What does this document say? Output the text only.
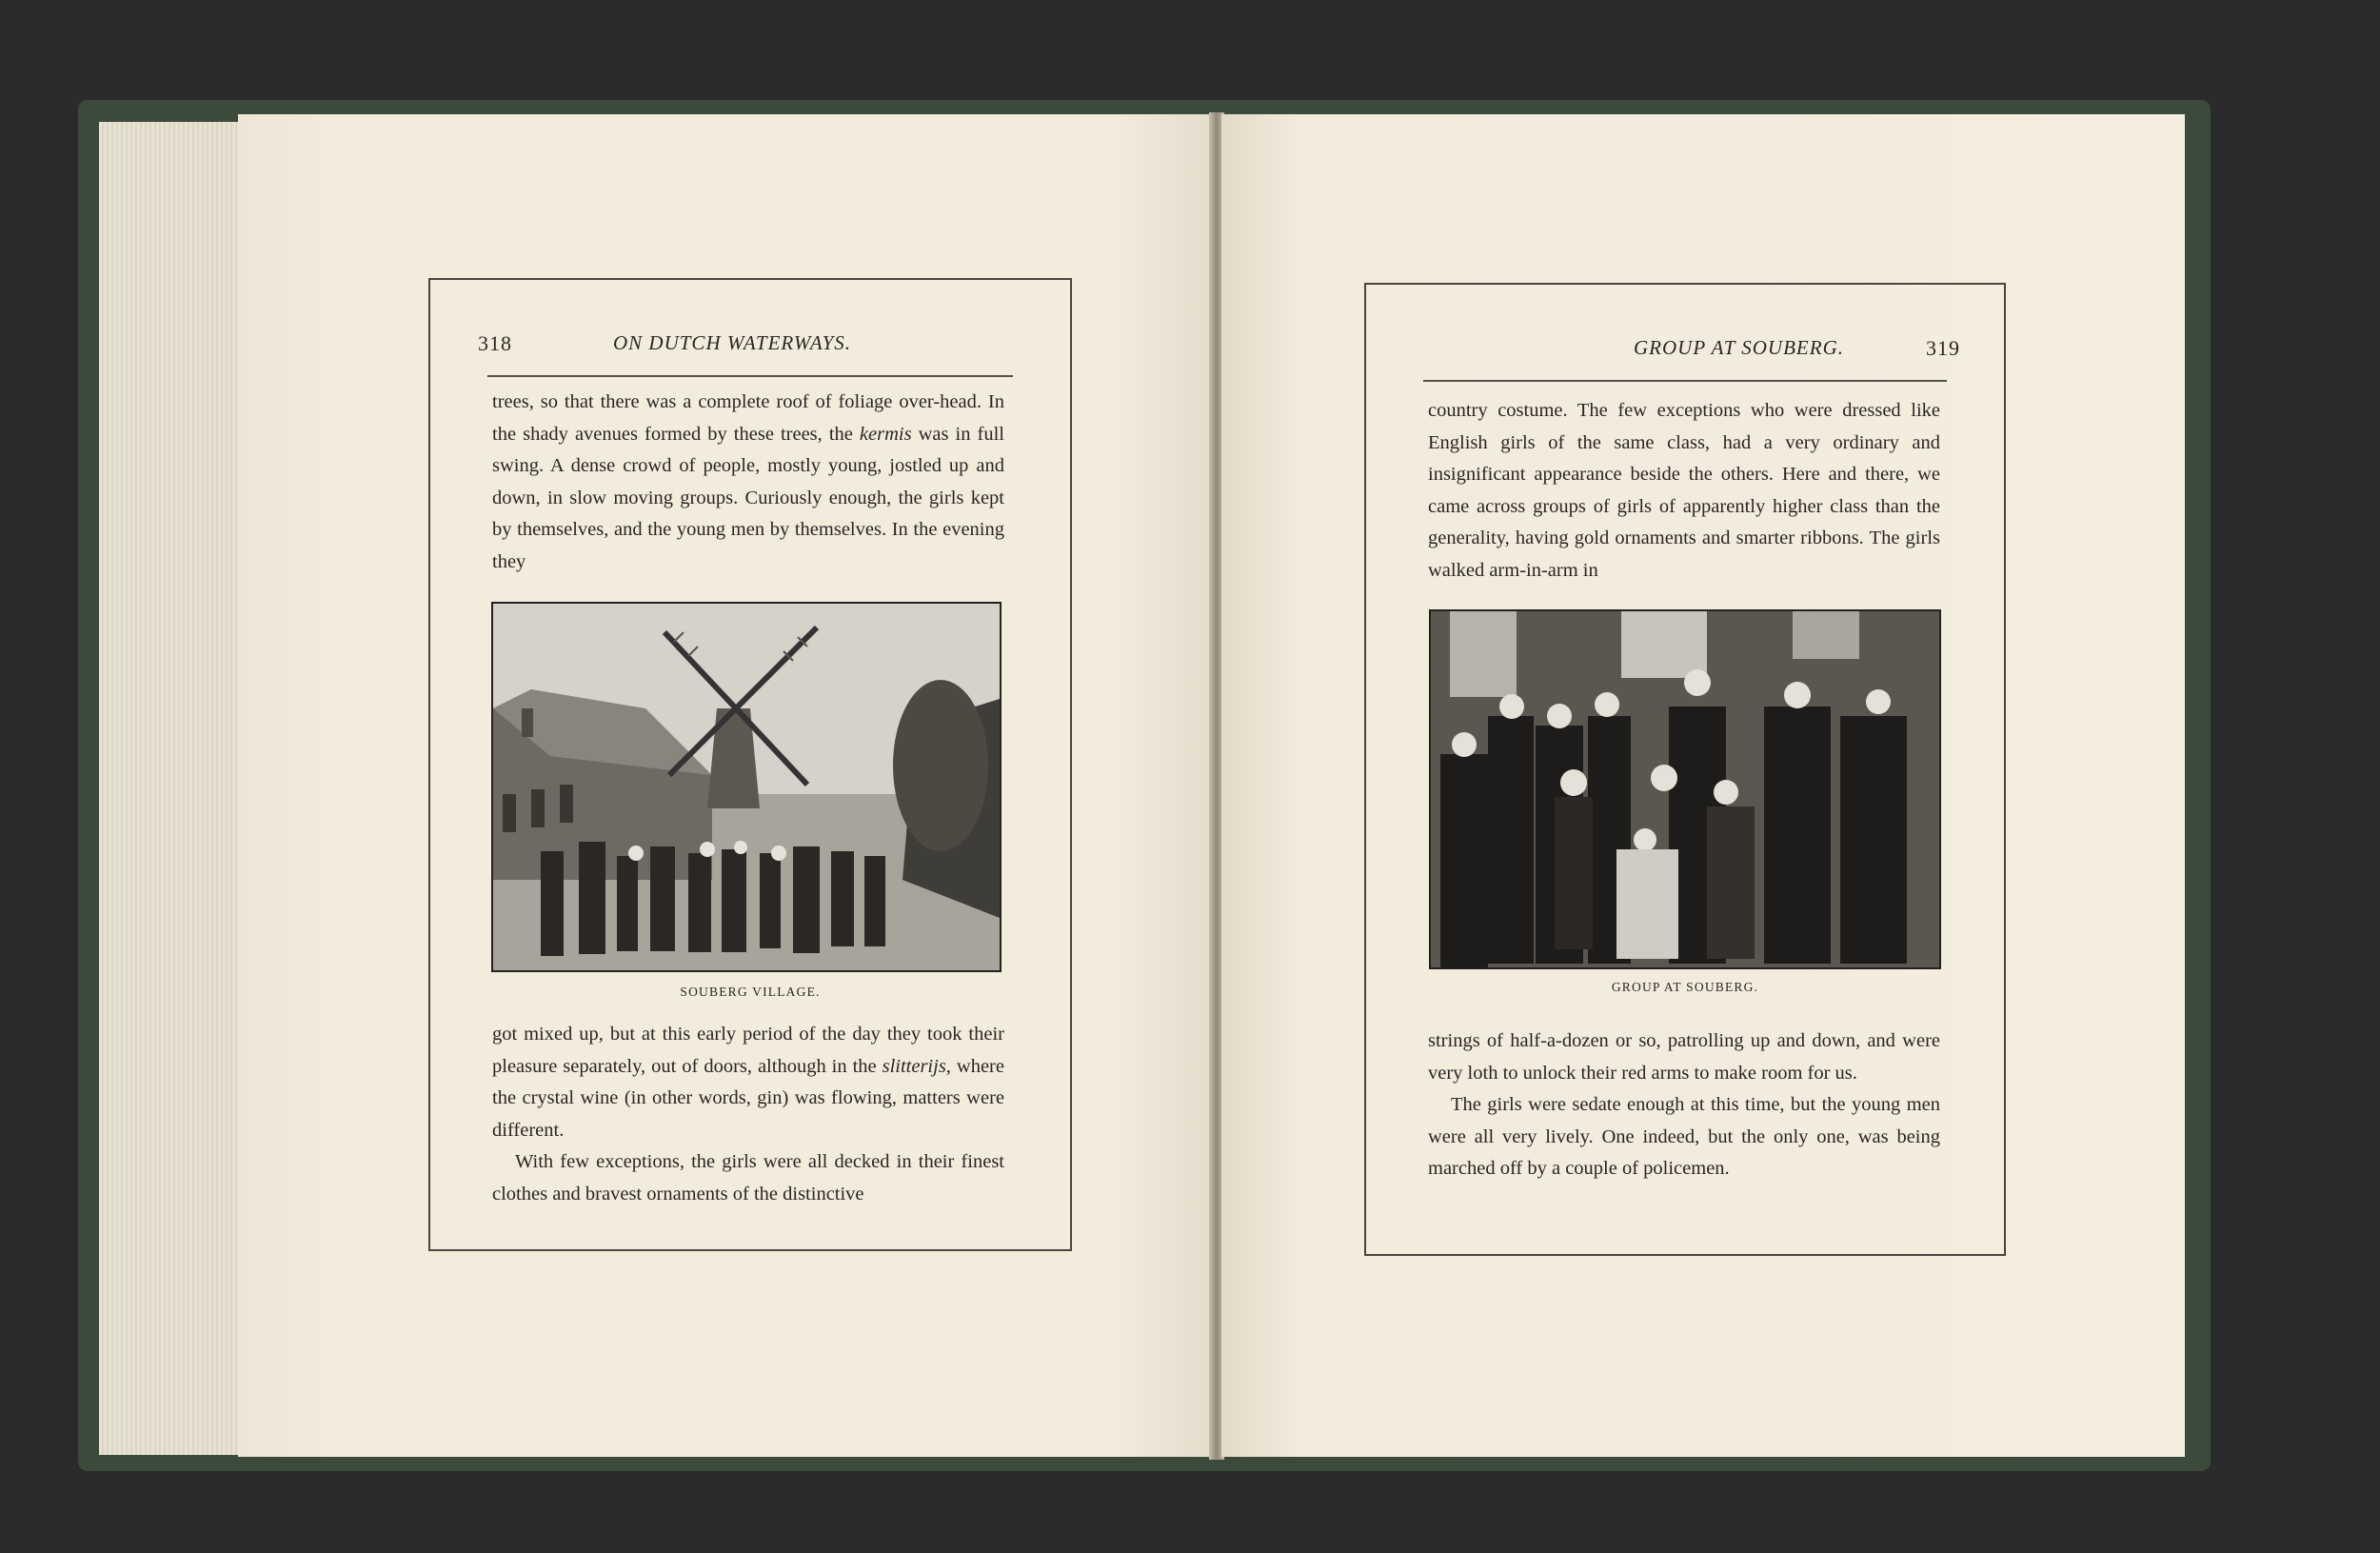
318	ON DUTCH WATERWAYS.

trees, so that there was a complete roof of foliage over-head. In the shady avenues formed by these trees, the kermis was in full swing. A dense crowd of people, mostly young, jostled up and down, in slow moving groups. Curiously enough, the girls kept by themselves, and the young men by themselves. In the evening they

SOUBERG VILLAGE.

got mixed up, but at this early period of the day they took their pleasure separately, out of doors, although in the slitterijs, where the crystal wine (in other words, gin) was flowing, matters were different.

With few exceptions, the girls were all decked in their finest clothes and bravest ornaments of the distinctive

GROUP AT SOUBERG.	319

country costume. The few exceptions who were dressed like English girls of the same class, had a very ordinary and insignificant appearance beside the others. Here and there, we came across groups of girls of apparently higher class than the generality, having gold ornaments and smarter ribbons. The girls walked arm-in-arm in

GROUP AT SOUBERG.

strings of half-a-dozen or so, patrolling up and down, and were very loth to unlock their red arms to make room for us.

The girls were sedate enough at this time, but the young men were all very lively. One indeed, but the only one, was being marched off by a couple of policemen.
